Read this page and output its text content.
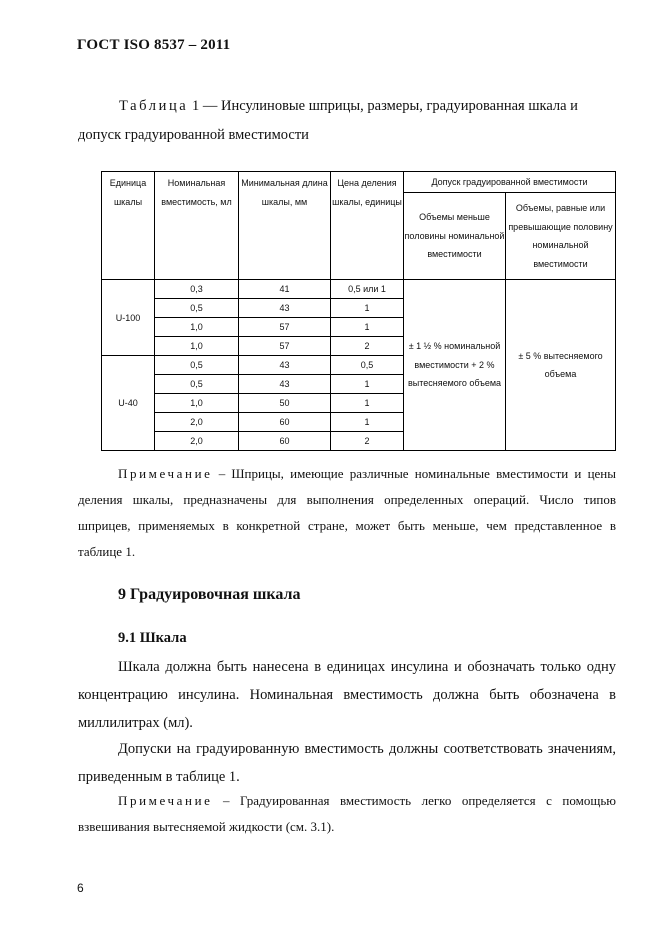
ГОСТ ISO 8537 – 2011

Таблица 1 — Инсулиновые шприцы, размеры, градуированная шкала и

допуск градуированной вместимости

Единица шкалы	Номинальная вместимость, мл	Минимальная длина шкалы, мм	Цена деления шкалы, единицы	Допуск градуированной вместимости	
				Объемы меньше половины номинальной вместимости	Объемы, равные или превышающие половину номинальной вместимости
U-100	0,3	41	0,5 или 1	± 1 ½ % номинальной вместимости + 2 % вытесняемого объема	± 5 % вытесняемого объема
	0,5	43	1		
	1,0	57	1		
	1,0	57	2		
U-40	0,5	43	0,5		
	0,5	43	1		
	1,0	50	1		
	2,0	60	1		
	2,0	60	2		

Примечание – Шприцы, имеющие различные номинальные вместимости и цены деления шкалы, предназначены для выполнения определенных операций. Число типов шприцев, применяемых в конкретной стране, может быть меньше, чем представленное в таблице 1.

9 Градуировочная шкала
9.1 Шкала

Шкала должна быть нанесена в единицах инсулина и обозначать только одну концентрацию инсулина. Номинальная вместимость должна быть обозначена в миллилитрах (мл).

Допуски на градуированную вместимость должны соответствовать значениям, приведенным в таблице 1.

Примечание – Градуированная вместимость легко определяется с помощью взвешивания вытесняемой жидкости (см. 3.1).

6
